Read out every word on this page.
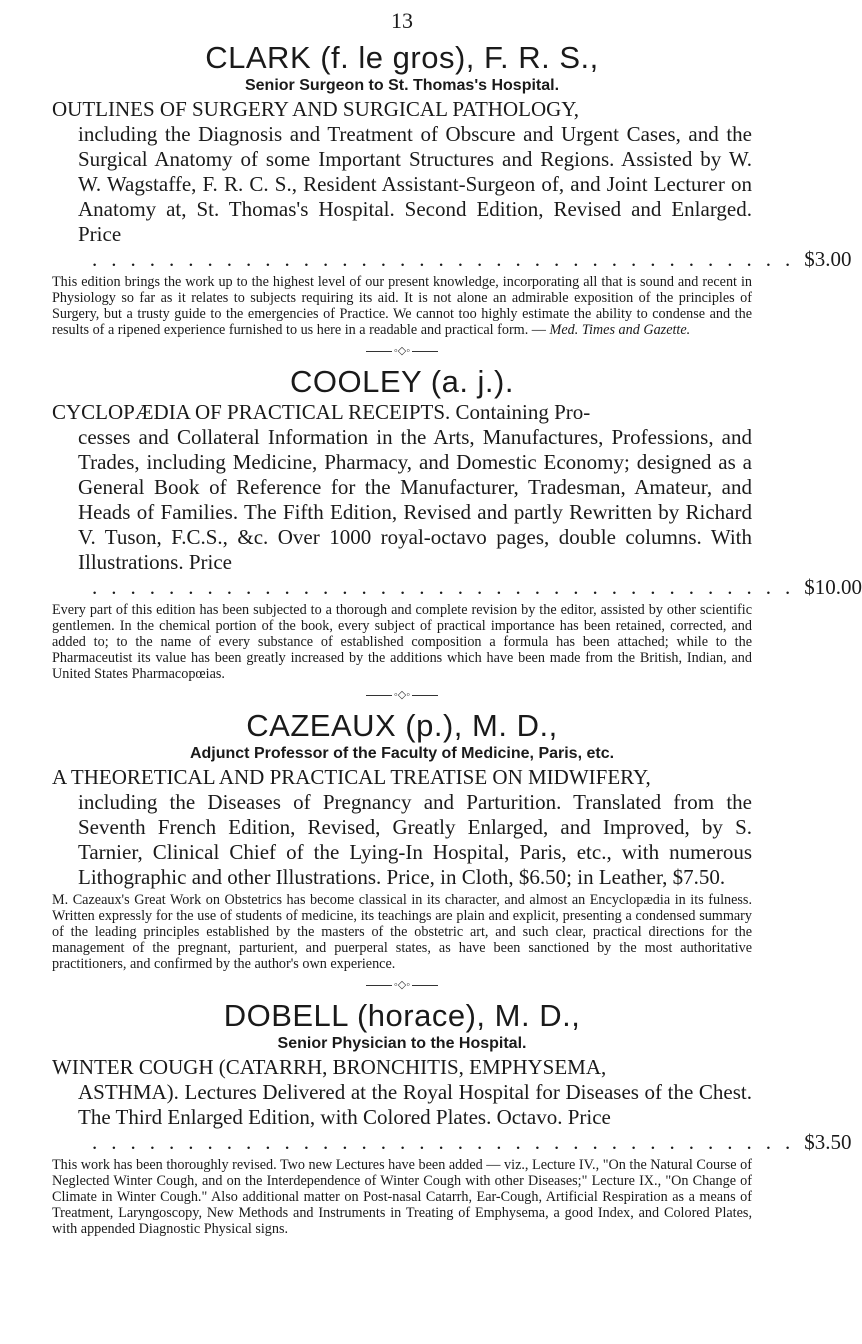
13
CLARK (f. le gros), F. R. S.,
Senior Surgeon to St. Thomas's Hospital.
OUTLINES OF SURGERY AND SURGICAL PATHOLOGY,
including the Diagnosis and Treatment of Obscure and Urgent Cases, and the Surgical Anatomy of some Important Structures and Regions. Assisted by W. W. Wagstaffe, F. R. C. S., Resident Assistant-Surgeon of, and Joint Lecturer on Anatomy at, St. Thomas's Hospital. Second Edition, Revised and Enlarged. Price
..................................... $3.00

This edition brings the work up to the highest level of our present knowledge, incorporating all that is sound and recent in Physiology so far as it relates to subjects requiring its aid. It is not alone an admirable exposition of the principles of Surgery, but a trusty guide to the emergencies of Practice. We cannot too highly estimate the ability to condense and the results of a ripened experience furnished to us here in a readable and practical form. — Med. Times and Gazette.

◦◇◦
COOLEY (a. j.).
CYCLOPÆDIA OF PRACTICAL RECEIPTS. Containing Pro-
cesses and Collateral Information in the Arts, Manufactures, Professions, and Trades, including Medicine, Pharmacy, and Domestic Economy; designed as a General Book of Reference for the Manufacturer, Tradesman, Amateur, and Heads of Families. The Fifth Edition, Revised and partly Rewritten by Richard V. Tuson, F.C.S., &c. Over 1000 royal-octavo pages, double columns. With Illustrations. Price
..................................... $10.00

Every part of this edition has been subjected to a thorough and complete revision by the editor, assisted by other scientific gentlemen. In the chemical portion of the book, every subject of practical importance has been retained, corrected, and added to; to the name of every substance of established composition a formula has been attached; while to the Pharmaceutist its value has been greatly increased by the additions which have been made from the British, Indian, and United States Pharmacopœias.

◦◇◦
CAZEAUX (p.), M. D.,
Adjunct Professor of the Faculty of Medicine, Paris, etc.
A THEORETICAL AND PRACTICAL TREATISE ON MIDWIFERY,
including the Diseases of Pregnancy and Parturition. Translated from the Seventh French Edition, Revised, Greatly Enlarged, and Improved, by S. Tarnier, Clinical Chief of the Lying-In Hospital, Paris, etc., with numerous Lithographic and other Illustrations. Price, in Cloth, $6.50; in Leather, $7.50.

M. Cazeaux's Great Work on Obstetrics has become classical in its character, and almost an Encyclopædia in its fulness. Written expressly for the use of students of medicine, its teachings are plain and explicit, presenting a condensed summary of the leading principles established by the masters of the obstetric art, and such clear, practical directions for the management of the pregnant, parturient, and puerperal states, as have been sanctioned by the most authoritative practitioners, and confirmed by the author's own experience.

◦◇◦
DOBELL (horace), M. D.,
Senior Physician to the Hospital.
WINTER COUGH (CATARRH, BRONCHITIS, EMPHYSEMA,
ASTHMA). Lectures Delivered at the Royal Hospital for Diseases of the Chest. The Third Enlarged Edition, with Colored Plates. Octavo. Price
..................................... $3.50

This work has been thoroughly revised. Two new Lectures have been added — viz., Lecture IV., "On the Natural Course of Neglected Winter Cough, and on the Interdependence of Winter Cough with other Diseases;" Lecture IX., "On Change of Climate in Winter Cough." Also additional matter on Post-nasal Catarrh, Ear-Cough, Artificial Respiration as a means of Treatment, Laryngoscopy, New Methods and Instruments in Treating of Emphysema, a good Index, and Colored Plates, with appended Diagnostic Physical signs.
